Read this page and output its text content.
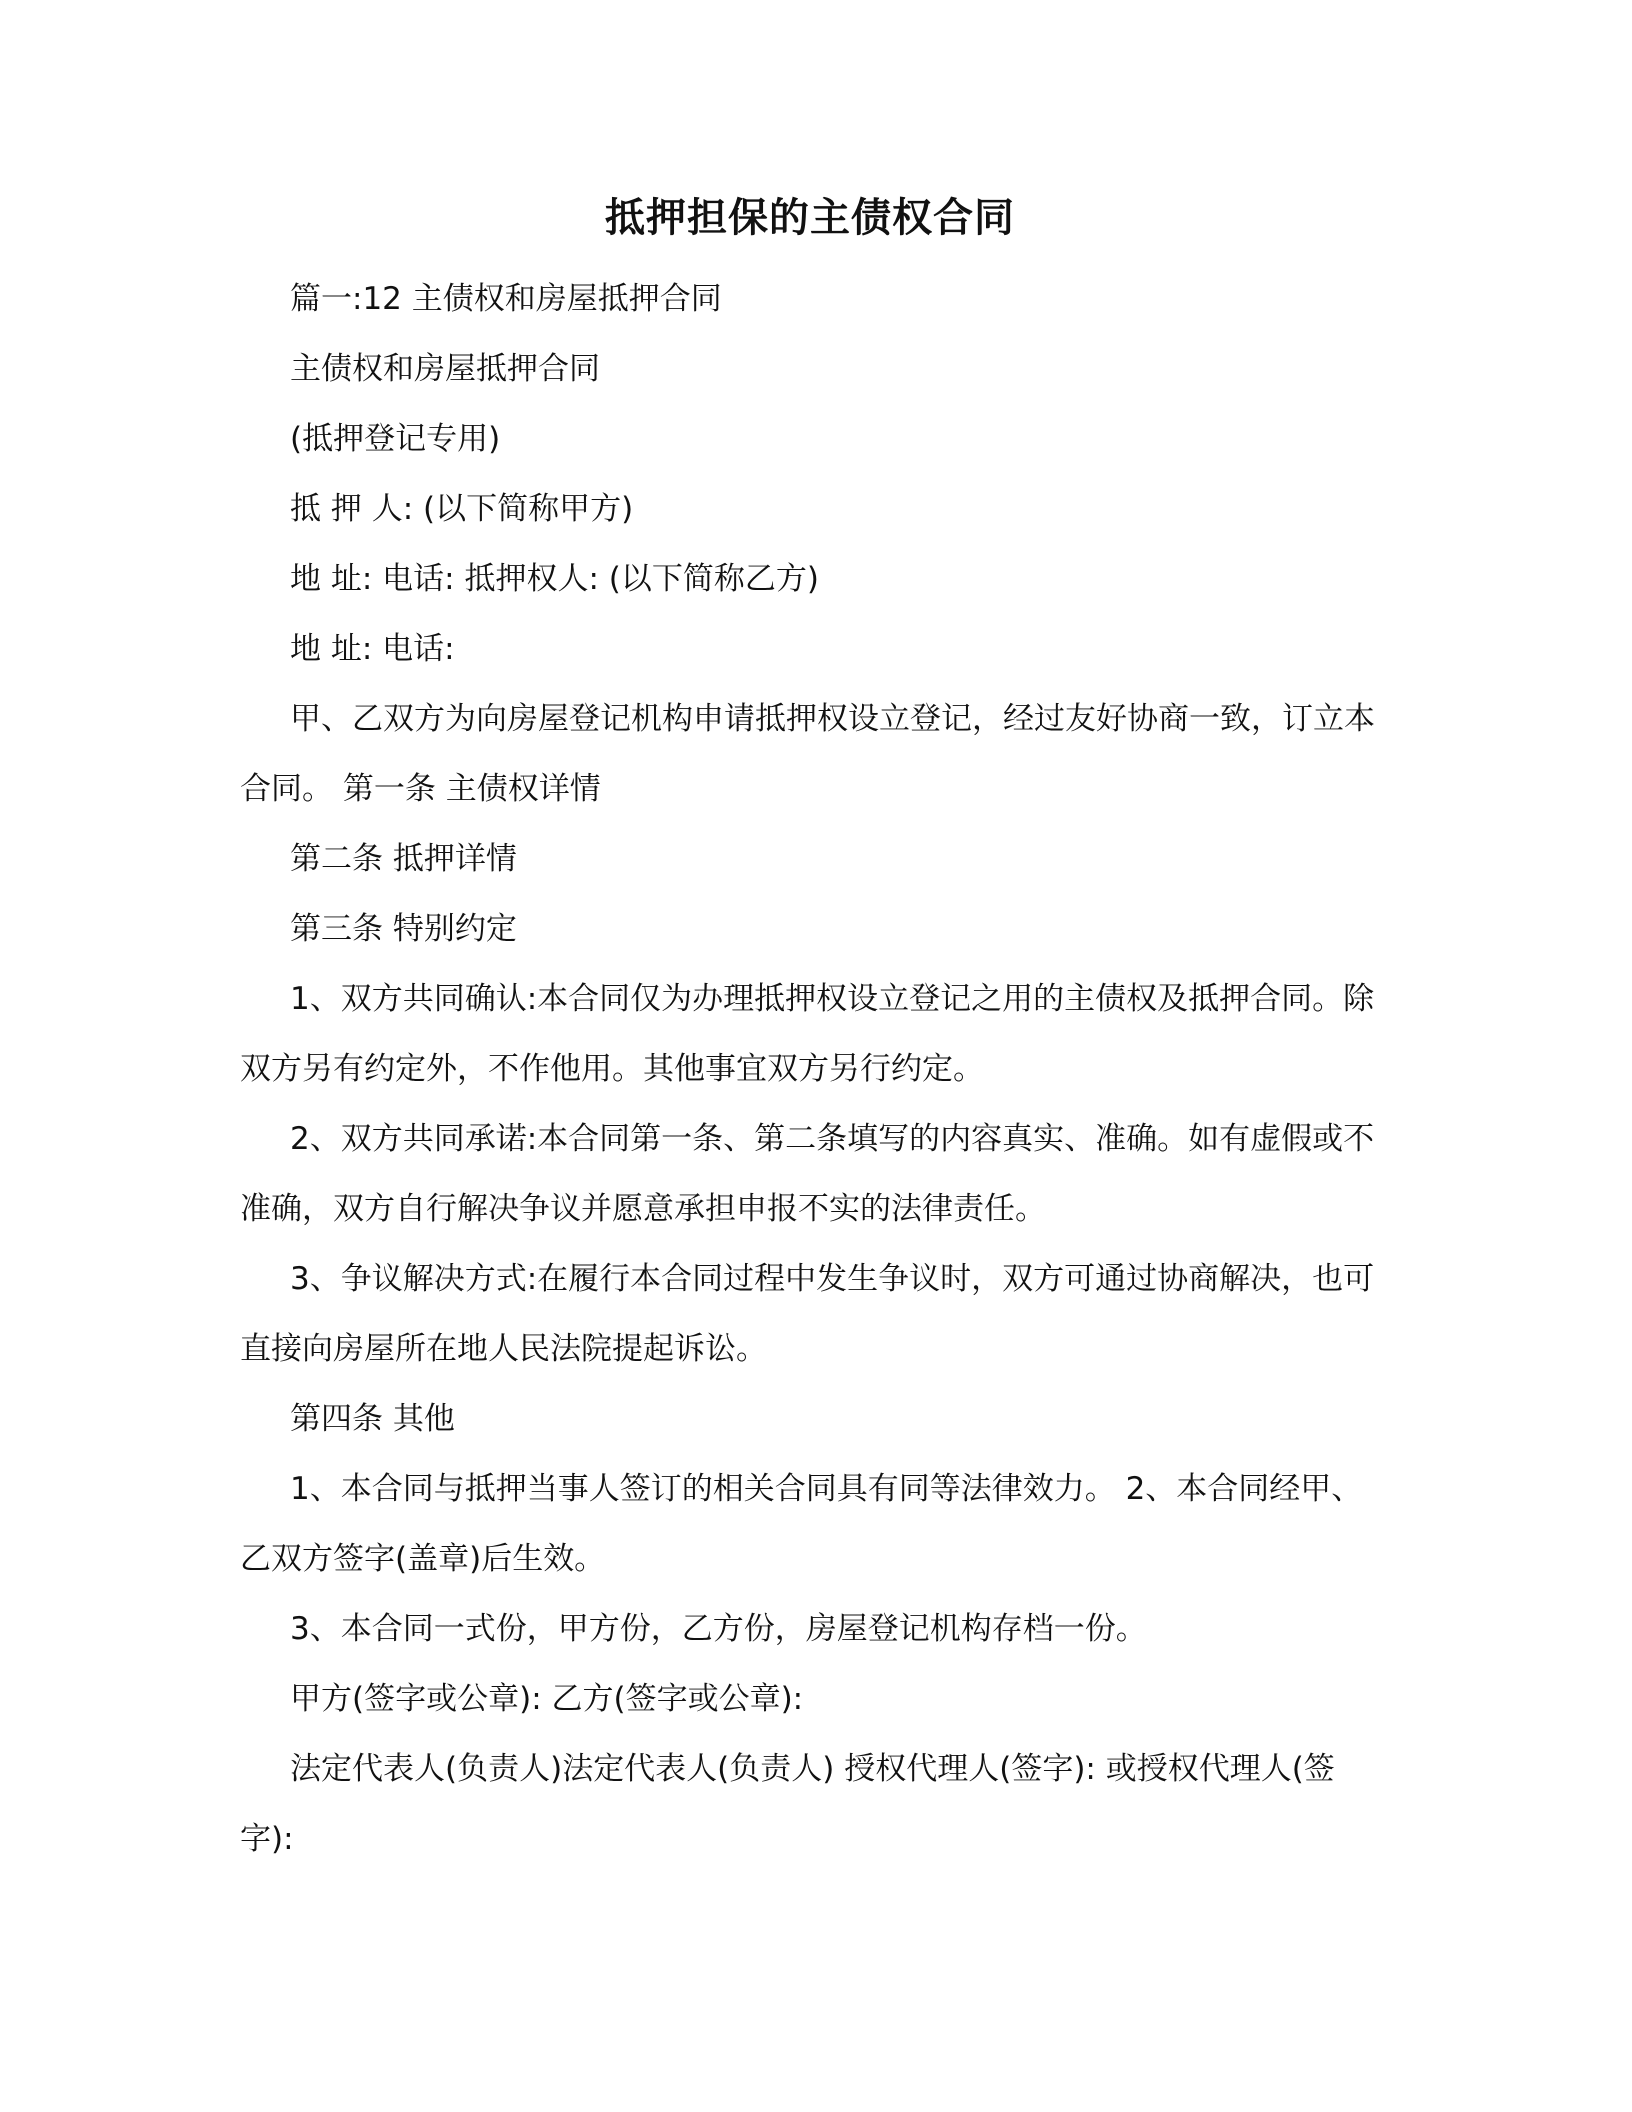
抵押担保的主债权合同

篇一:12 主债权和房屋抵押合同

主债权和房屋抵押合同

(抵押登记专用)

抵 押 人: (以下简称甲方)

地 址: 电话: 抵押权人: (以下简称乙方)

地 址: 电话:

甲、乙双方为向房屋登记机构申请抵押权设立登记，经过友好协商一致，订立本合同。 第一条 主债权详情

第二条 抵押详情

第三条 特别约定

1、双方共同确认:本合同仅为办理抵押权设立登记之用的主债权及抵押合同。除双方另有约定外，不作他用。其他事宜双方另行约定。

2、双方共同承诺:本合同第一条、第二条填写的内容真实、准确。如有虚假或不准确，双方自行解决争议并愿意承担申报不实的法律责任。

3、争议解决方式:在履行本合同过程中发生争议时，双方可通过协商解决，也可直接向房屋所在地人民法院提起诉讼。

第四条 其他

1、本合同与抵押当事人签订的相关合同具有同等法律效力。 2、本合同经甲、乙双方签字(盖章)后生效。

3、本合同一式份，甲方份，乙方份，房屋登记机构存档一份。

甲方(签字或公章): 乙方(签字或公章):

法定代表人(负责人)法定代表人(负责人) 授权代理人(签字): 或授权代理人(签字):
